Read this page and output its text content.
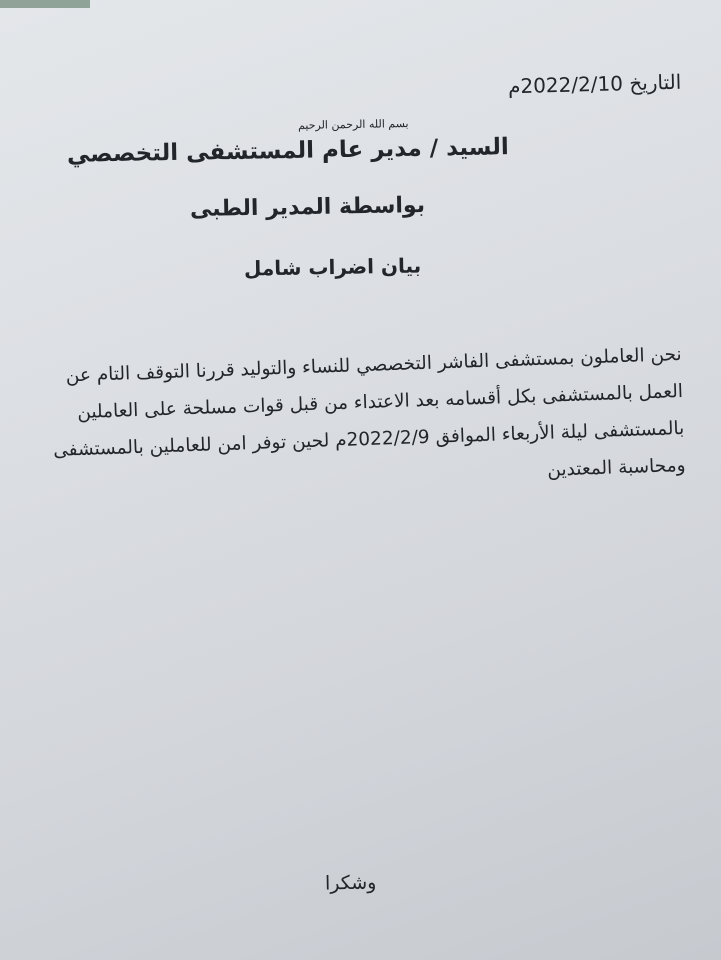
التاريخ 2022/2/10م
بسم الله الرحمن الرحيم
السيد / مدير عام المستشفى التخصصي
بواسطة المدير الطبى
بيان اضراب شامل
نحن العاملون بمستشفى الفاشر التخصصي للنساء والتوليد قررنا التوقف التام عن العمل بالمستشفى بكل أقسامه بعد الاعتداء من قبل قوات مسلحة على العاملين بالمستشفى ليلة الأربعاء الموافق 2022/2/9م لحين توفر امن للعاملين بالمستشفى ومحاسبة المعتدين
وشكرا
